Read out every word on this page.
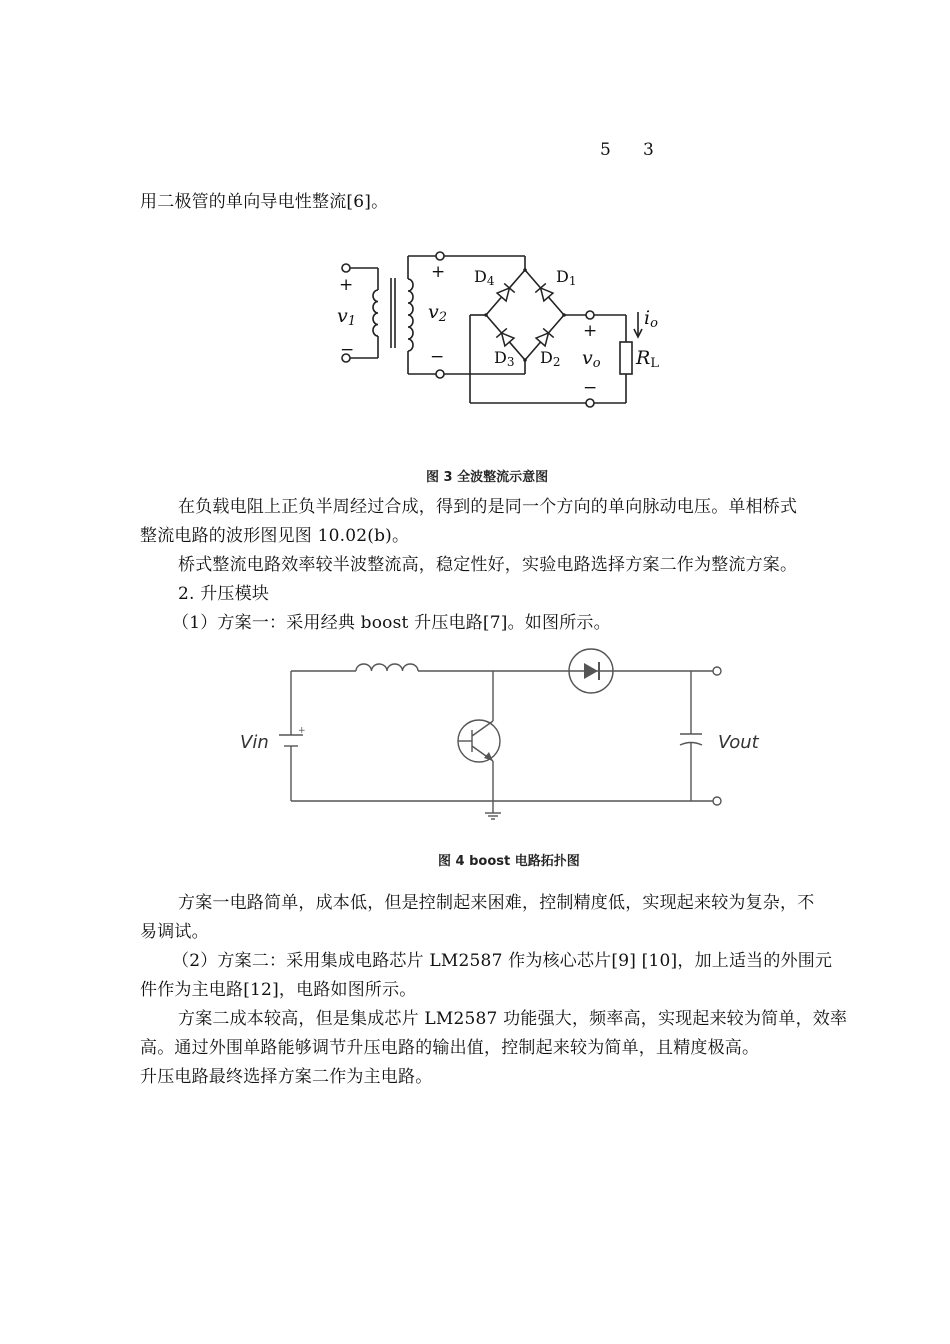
5 3
用二极管的单向导电性整流[6]。
+
−
+
−
+
−
v1	v2
vo
io
RL
D4	D1
D3 D2
图 3 全波整流示意图
在负载电阻上正负半周经过合成，得到的是同一个方向的单向脉动电压。单相桥式
整流电路的波形图见图 10.02(b)。
桥式整流电路效率较半波整流高，稳定性好，实验电路选择方案二作为整流方案。
2. 升压模块
（1）方案一：采用经典 boost 升压电路[7]。如图所示。
Vin	Vout
+
图 4 boost 电路拓扑图
方案一电路简单，成本低，但是控制起来困难，控制精度低，实现起来较为复杂，不
易调试。
（2）方案二：采用集成电路芯片 LM2587 作为核心芯片[9] [10]，加上适当的外围元
件作为主电路[12]，电路如图所示。
方案二成本较高，但是集成芯片 LM2587 功能强大，频率高，实现起来较为简单，效率
高。通过外围单路能够调节升压电路的输出值，控制起来较为简单，且精度极高。
升压电路最终选择方案二作为主电路。
